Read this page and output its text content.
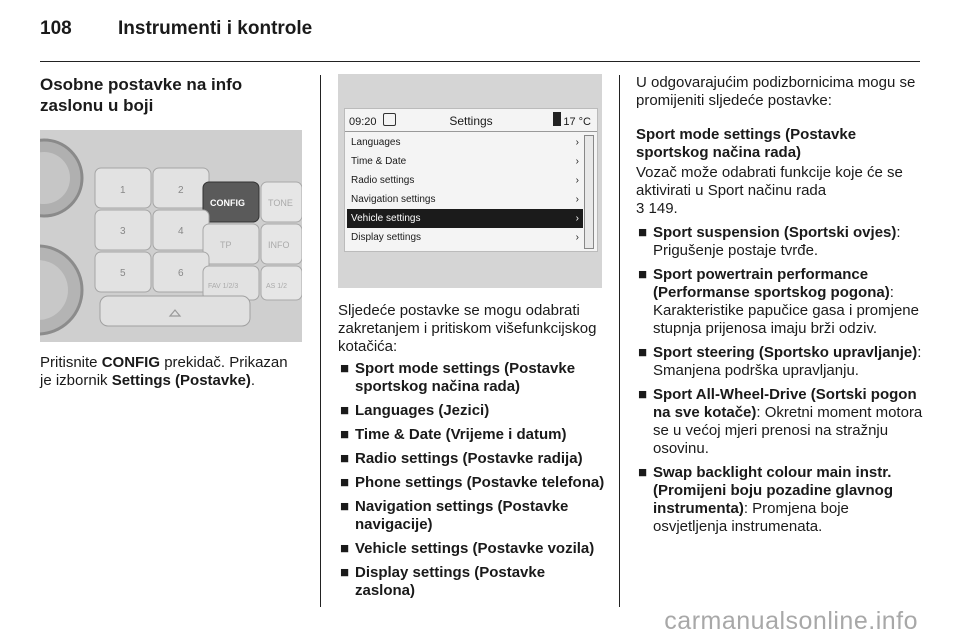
108 Instrumenti i kontrole
Osobne postavke na info
zaslonu u boji
1	2
CONFIG	TONE
3	4
TP	INFO
5	6
FAV 1/2/3	AS 1/2

Pritisnite CONFIG prekidač. Prikazan je izbornik Settings (Postavke).

09:20	Settings	17 °C
Languages	›
Time & Date	›
Radio settings	›
Navigation settings	›
Vehicle settings	›
Display settings	›

Sljedeće postavke se mogu odabrati zakretanjem i pritiskom višefunkcijskog kotačića:

■ Sport mode settings (Postavke sportskog načina rada)
■ Languages (Jezici)
■ Time & Date (Vrijeme i datum)
■ Radio settings (Postavke radija)
■ Phone settings (Postavke telefona)
■ Navigation settings (Postavke navigacije)
■ Vehicle settings (Postavke vozila)
■ Display settings (Postavke zaslona)

U odgovarajućim podizbornicima mogu se promijeniti sljedeće postavke:

Sport mode settings (Postavke sportskog načina rada)

Vozač može odabrati funkcije koje će se aktivirati u Sport načinu rada
3 149.

■ Sport suspension (Sportski ovjes): Prigušenje postaje tvrđe.
■ Sport powertrain performance (Performanse sportskog pogona): Karakteristike papučice gasa i promjene stupnja prijenosa imaju brži odziv.
■ Sport steering (Sportsko upravljanje): Smanjena podrška upravljanju.
■ Sport All-Wheel-Drive (Sortski pogon na sve kotače): Okretni moment motora se u većoj mjeri prenosi na stražnju osovinu.
■ Swap backlight colour main instr. (Promijeni boju pozadine glavnog instrumenta): Promjena boje osvjetljenja instrumenata.
carmanualsonline.info
